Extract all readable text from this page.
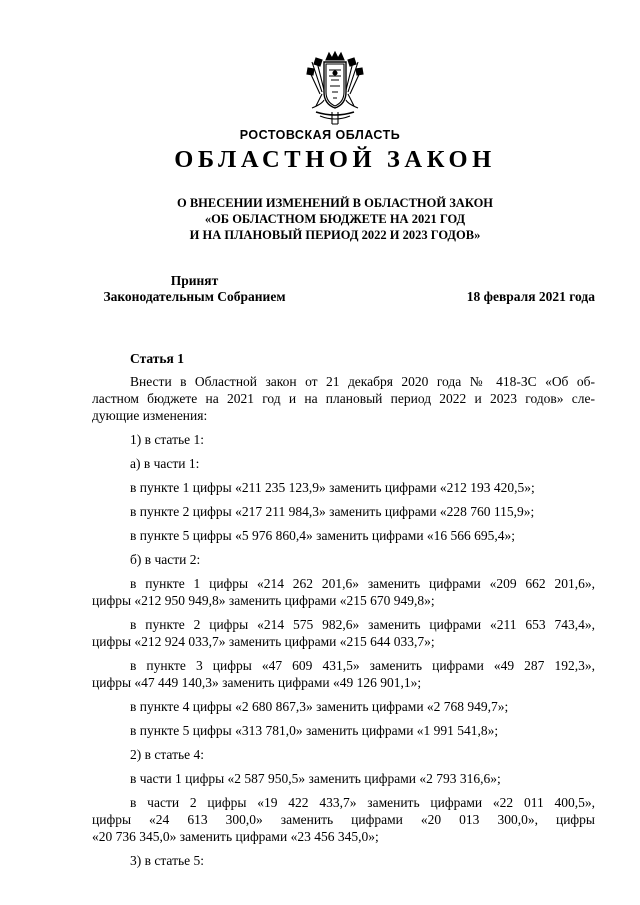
РОСТОВСКАЯ ОБЛАСТЬ
ОБЛАСТНОЙ ЗАКОН
О ВНЕСЕНИИ ИЗМЕНЕНИЙ В ОБЛАСТНОЙ ЗАКОН
«ОБ ОБЛАСТНОМ БЮДЖЕТЕ НА 2021 ГОД
И НА ПЛАНОВЫЙ ПЕРИОД 2022 И 2023 ГОДОВ»
Принят
Законодательным Собранием	18 февраля 2021 года
Статья 1

Внести в Областной закон от 21 декабря 2020 года № 418-ЗС «Об об-
ластном бюджете на 2021 год и на плановый период 2022 и 2023 годов» сле-
дующие изменения:

1) в статье 1:

а) в части 1:

в пункте 1 цифры «211 235 123,9» заменить цифрами «212 193 420,5»;

в пункте 2 цифры «217 211 984,3» заменить цифрами «228 760 115,9»;

в пункте 5 цифры «5 976 860,4» заменить цифрами «16 566 695,4»;

б) в части 2:

в пункте 1 цифры «214 262 201,6» заменить цифрами «209 662 201,6»,
цифры «212 950 949,8» заменить цифрами «215 670 949,8»;

в пункте 2 цифры «214 575 982,6» заменить цифрами «211 653 743,4»,
цифры «212 924 033,7» заменить цифрами «215 644 033,7»;

в пункте 3 цифры «47 609 431,5» заменить цифрами «49 287 192,3»,
цифры «47 449 140,3» заменить цифрами «49 126 901,1»;

в пункте 4 цифры «2 680 867,3» заменить цифрами «2 768 949,7»;

в пункте 5 цифры «313 781,0» заменить цифрами «1 991 541,8»;

2) в статье 4:

в части 1 цифры «2 587 950,5» заменить цифрами «2 793 316,6»;

в части 2 цифры «19 422 433,7» заменить цифрами «22 011 400,5»,
цифры «24 613 300,0» заменить цифрами «20 013 300,0», цифры
«20 736 345,0» заменить цифрами «23 456 345,0»;

3) в статье 5:
